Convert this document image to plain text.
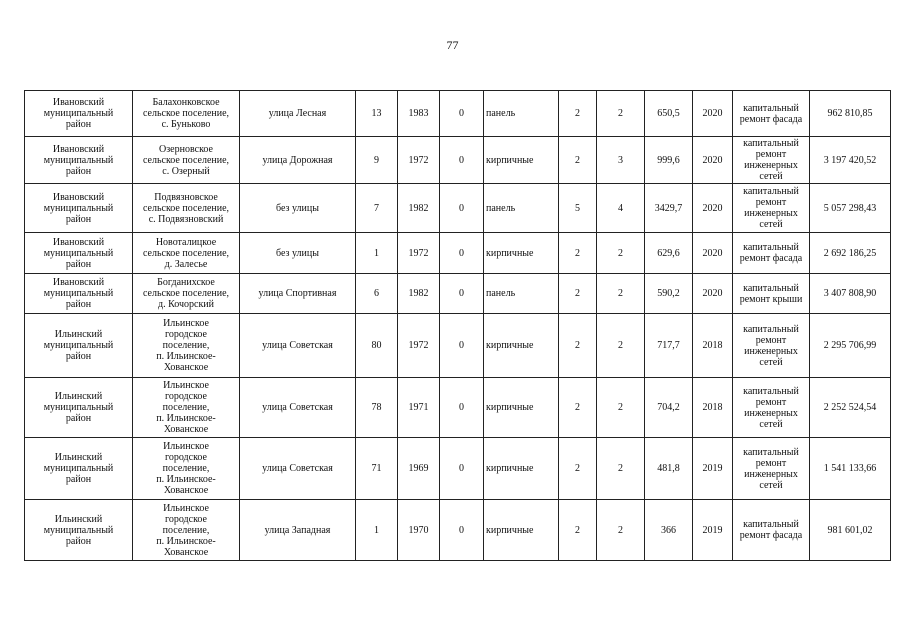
77
Ивановский
муниципальный
район	Балахонковское
сельское поселение,
с. Буньково	улица Лесная	13	1983	0	панель	2	2	650,5	2020	капитальный
ремонт фасада	962 810,85

Ивановский
муниципальный
район	Озерновское
сельское поселение,
с. Озерный	улица Дорожная	9	1972	0	кирпичные	2	3	999,6	2020	капитальный
ремонт
инженерных
сетей	3 197 420,52

Ивановский
муниципальный
район	Подвязновское
сельское поселение,
с. Подвязновский	без улицы	7	1982	0	панель	5	4	3429,7	2020	капитальный
ремонт
инженерных
сетей	5 057 298,43

Ивановский
муниципальный
район	Новоталицкое
сельское поселение,
д. Залесье	без улицы	1	1972	0	кирпичные	2	2	629,6	2020	капитальный
ремонт фасада	2 692 186,25

Ивановский
муниципальный
район	Богданихское
сельское поселение,
д. Кочорский	улица Спортивная	6	1982	0	панель	2	2	590,2	2020	капитальный
ремонт крыши	3 407 808,90

Ильинский
муниципальный
район	Ильинское
городское
поселение,
п. Ильинское-
Хованское	улица Советская	80	1972	0	кирпичные	2	2	717,7	2018	капитальный
ремонт
инженерных
сетей	2 295 706,99

Ильинский
муниципальный
район	Ильинское
городское
поселение,
п. Ильинское-
Хованское	улица Советская	78	1971	0	кирпичные	2	2	704,2	2018	капитальный
ремонт
инженерных
сетей	2 252 524,54

Ильинский
муниципальный
район	Ильинское
городское
поселение,
п. Ильинское-
Хованское	улица Советская	71	1969	0	кирпичные	2	2	481,8	2019	капитальный
ремонт
инженерных
сетей	1 541 133,66

Ильинский
муниципальный
район	Ильинское
городское
поселение,
п. Ильинское-
Хованское	улица Западная	1	1970	0	кирпичные	2	2	366	2019	капитальный
ремонт фасада	981 601,02
